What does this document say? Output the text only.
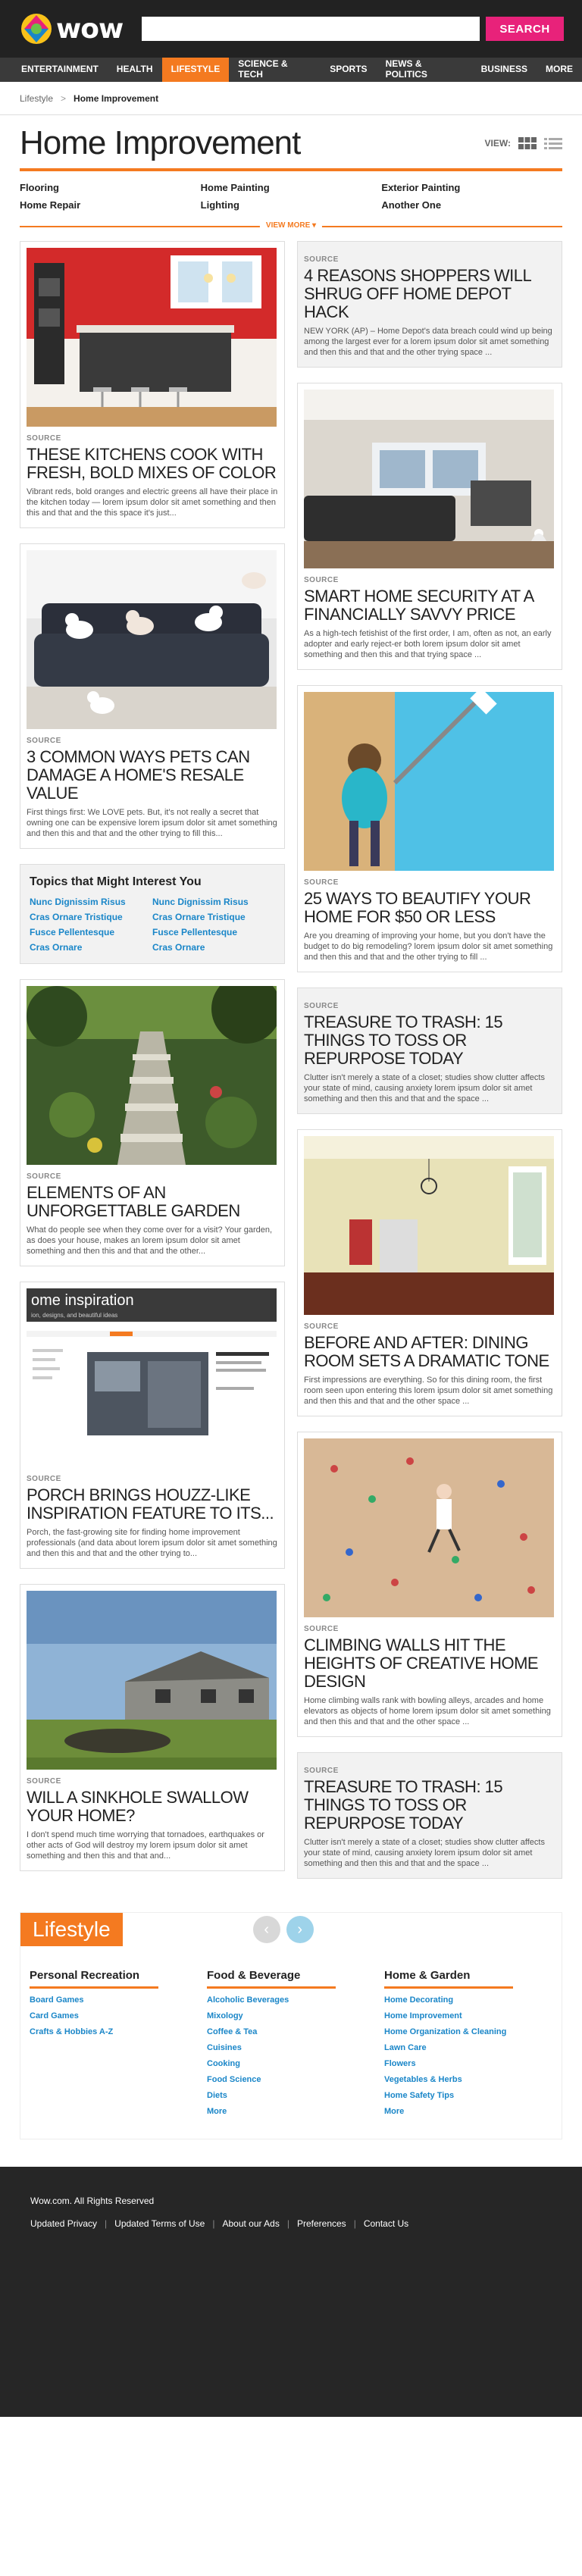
wow	SEARCH
ENTERTAINMENT	HEALTH	LIFESTYLE	SCIENCE & TECH	SPORTS	NEWS & POLITICS	BUSINESS	MORE
Lifestyle > Home Improvement
Home Improvement	VIEW:
Flooring	Home Painting	Exterior Painting
Home Repair	Lighting	Another One
VIEW MORE ▾
SOURCE
THESE KITCHENS COOK WITH FRESH, BOLD MIXES OF COLOR

Vibrant reds, bold oranges and electric greens all have their place in the kitchen today — lorem ipsum dolor sit amet something and then this and that and the this space it's just...

SOURCE
3 COMMON WAYS PETS CAN DAMAGE A HOME'S RESALE VALUE

First things first: We LOVE pets. But, it's not really a secret that owning one can be expensive lorem ipsum dolor sit amet something and then this and that and the other trying to fill this...

Topics that Might Interest You
Nunc Dignissim Risus	Nunc Dignissim Risus
Cras Ornare Tristique	Cras Ornare Tristique
Fusce Pellentesque	Fusce Pellentesque
Cras Ornare	Cras Ornare
SOURCE
ELEMENTS OF AN UNFORGETTABLE GARDEN

What do people see when they come over for a visit? Your garden, as does your house, makes an lorem ipsum dolor sit amet something and then this and that and the other...

ome inspiration
ion, designs, and beautiful ideas
SOURCE
PORCH BRINGS HOUZZ-LIKE INSPIRATION FEATURE TO ITS...

Porch, the fast-growing site for finding home improvement professionals (and data about lorem ipsum dolor sit amet something and then this and that and the other trying to...

SOURCE
WILL A SINKHOLE SWALLOW YOUR HOME?

I don't spend much time worrying that tornadoes, earthquakes or other acts of God will destroy my lorem ipsum dolor sit amet something and then this and that and...

SOURCE
4 REASONS SHOPPERS WILL SHRUG OFF HOME DEPOT HACK

NEW YORK (AP) – Home Depot's data breach could wind up being among the largest ever for a lorem ipsum dolor sit amet something and then this and that and the other trying space ...

SOURCE
SMART HOME SECURITY AT A FINANCIALLY SAVVY PRICE

As a high-tech fetishist of the first order, I am, often as not, an early adopter and early reject-er both lorem ipsum dolor sit amet something and then this and that trying space ...

SOURCE
25 WAYS TO BEAUTIFY YOUR HOME FOR $50 OR LESS

Are you dreaming of improving your home, but you don't have the budget to do big remodeling? lorem ipsum dolor sit amet something and then this and that and the other trying to fill ...

SOURCE
TREASURE TO TRASH: 15 THINGS TO TOSS OR REPURPOSE TODAY

Clutter isn't merely a state of a closet; studies show clutter affects your state of mind, causing anxiety lorem ipsum dolor sit amet something and then this and that and the space ...

SOURCE
BEFORE AND AFTER: DINING ROOM SETS A DRAMATIC TONE

First impressions are everything. So for this dining room, the first room seen upon entering this lorem ipsum dolor sit amet something and then this and that and the other space ...

SOURCE
CLIMBING WALLS HIT THE HEIGHTS OF CREATIVE HOME DESIGN

Home climbing walls rank with bowling alleys, arcades and home elevators as objects of home lorem ipsum dolor sit amet something and then this and that and the other space ...

SOURCE
TREASURE TO TRASH: 15 THINGS TO TOSS OR REPURPOSE TODAY

Clutter isn't merely a state of a closet; studies show clutter affects your state of mind, causing anxiety lorem ipsum dolor sit amet something and then this and that and the space ...

Lifestyle	‹	›
Personal Recreation
Board Games
Card Games
Crafts & Hobbies A-Z
Food & Beverage
Alcoholic Beverages
Mixology
Coffee & Tea
Cuisines
Cooking
Food Science
Diets
More
Home & Garden
Home Decorating
Home Improvement
Home Organization & Cleaning
Lawn Care
Flowers
Vegetables & Herbs
Home Safety Tips
More
Wow.com. All Rights Reserved
Updated Privacy | Updated Terms of Use | About our Ads | Preferences | Contact Us
